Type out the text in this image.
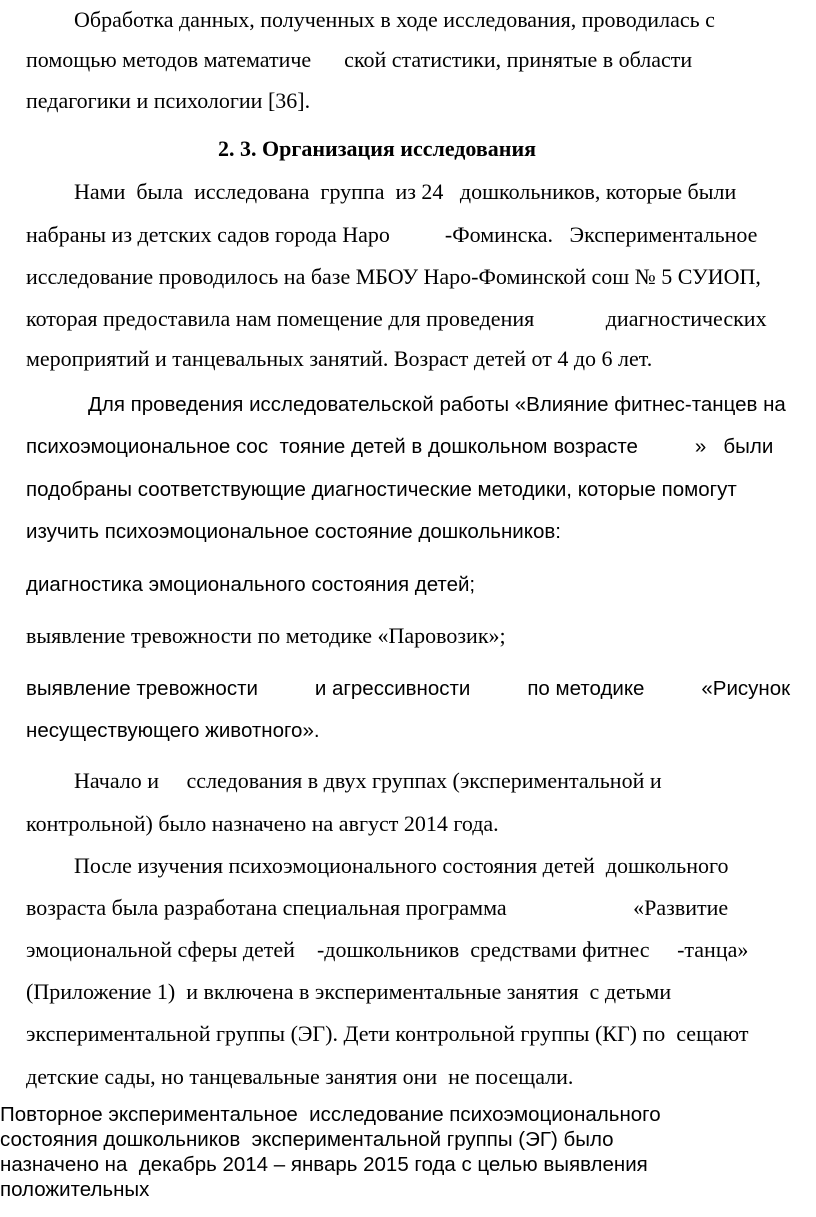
Обработка данных, полученных в ходе исследования, проводилась с
помощью методов математиче      ской статистики, принятые в области
педагогики и психологии [36].
2. 3. Организация исследования
Нами  была  исследована  группа  из 24   дошкольников, которые были
набраны из детских садов города Наро          -Фоминска.   Экспериментальное
исследование проводилось на базе МБОУ Наро-Фоминской сош № 5 СУИОП,
которая предоставила нам помещение для проведения             диагностических
мероприятий и танцевальных занятий. Возраст детей от 4 до 6 лет.
Для проведения исследовательской работы «Влияние фитнес-танцев на
психоэмоциональное сос  тояние детей в дошкольном возрасте          »   были
подобраны соответствующие диагностические методики, которые помогут
изучить психоэмоциональное состояние дошкольников:
диагностика эмоционального состояния детей;
выявление тревожности по методике «Паровозик»;
выявление тревожности          и агрессивности          по методике          «Рисунок
несуществующего животного».
Начало и     сследования в двух группах (экспериментальной и
контрольной) было назначено на август 2014 года.
После изучения психоэмоционального состояния детей  дошкольного
возраста была разработана специальная программа                       «Развитие
эмоциональной сферы детей    -дошкольников  средствами фитнес     -танца»
(Приложение 1)  и включена в экспериментальные занятия  с детьми
экспериментальной группы (ЭГ). Дети контрольной группы (КГ) по  сещают
детские сады, но танцевальные занятия они  не посещали.
Повторное экспериментальное  исследование психоэмоционального
состояния дошкольников  экспериментальной группы (ЭГ) было
назначено на  декабрь 2014 – январь 2015 года с целью выявления
положительных
